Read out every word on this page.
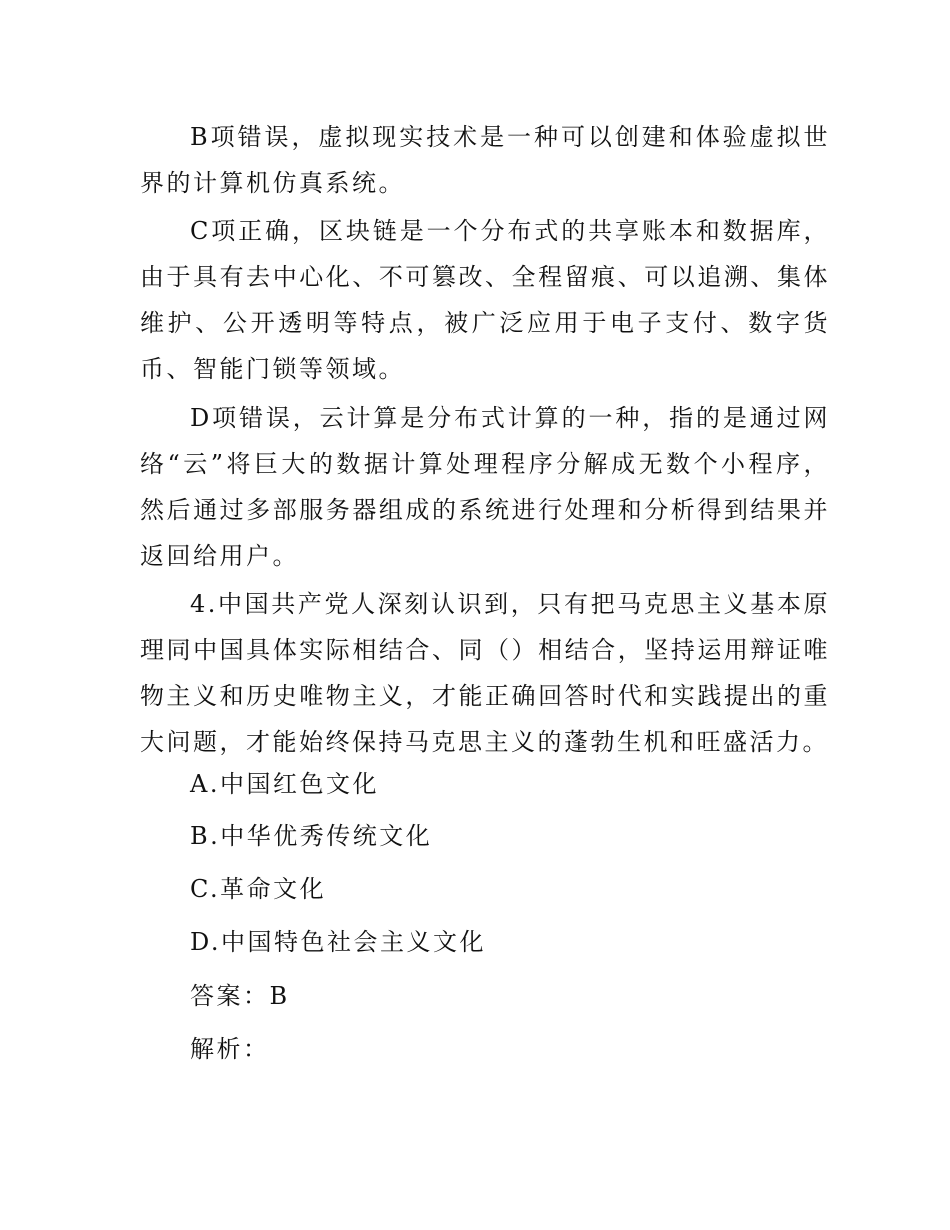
B项错误，虚拟现实技术是一种可以创建和体验虚拟世界的计算机仿真系统。

C项正确，区块链是一个分布式的共享账本和数据库，由于具有去中心化、不可篡改、全程留痕、可以追溯、集体维护、公开透明等特点，被广泛应用于电子支付、数字货币、智能门锁等领域。

D项错误，云计算是分布式计算的一种，指的是通过网络“云”将巨大的数据计算处理程序分解成无数个小程序，然后通过多部服务器组成的系统进行处理和分析得到结果并返回给用户。

4.中国共产党人深刻认识到，只有把马克思主义基本原理同中国具体实际相结合、同（）相结合，坚持运用辩证唯物主义和历史唯物主义，才能正确回答时代和实践提出的重大问题，才能始终保持马克思主义的蓬勃生机和旺盛活力。

A.中国红色文化
B.中华优秀传统文化
C.革命文化
D.中国特色社会主义文化
答案：B
解析：
